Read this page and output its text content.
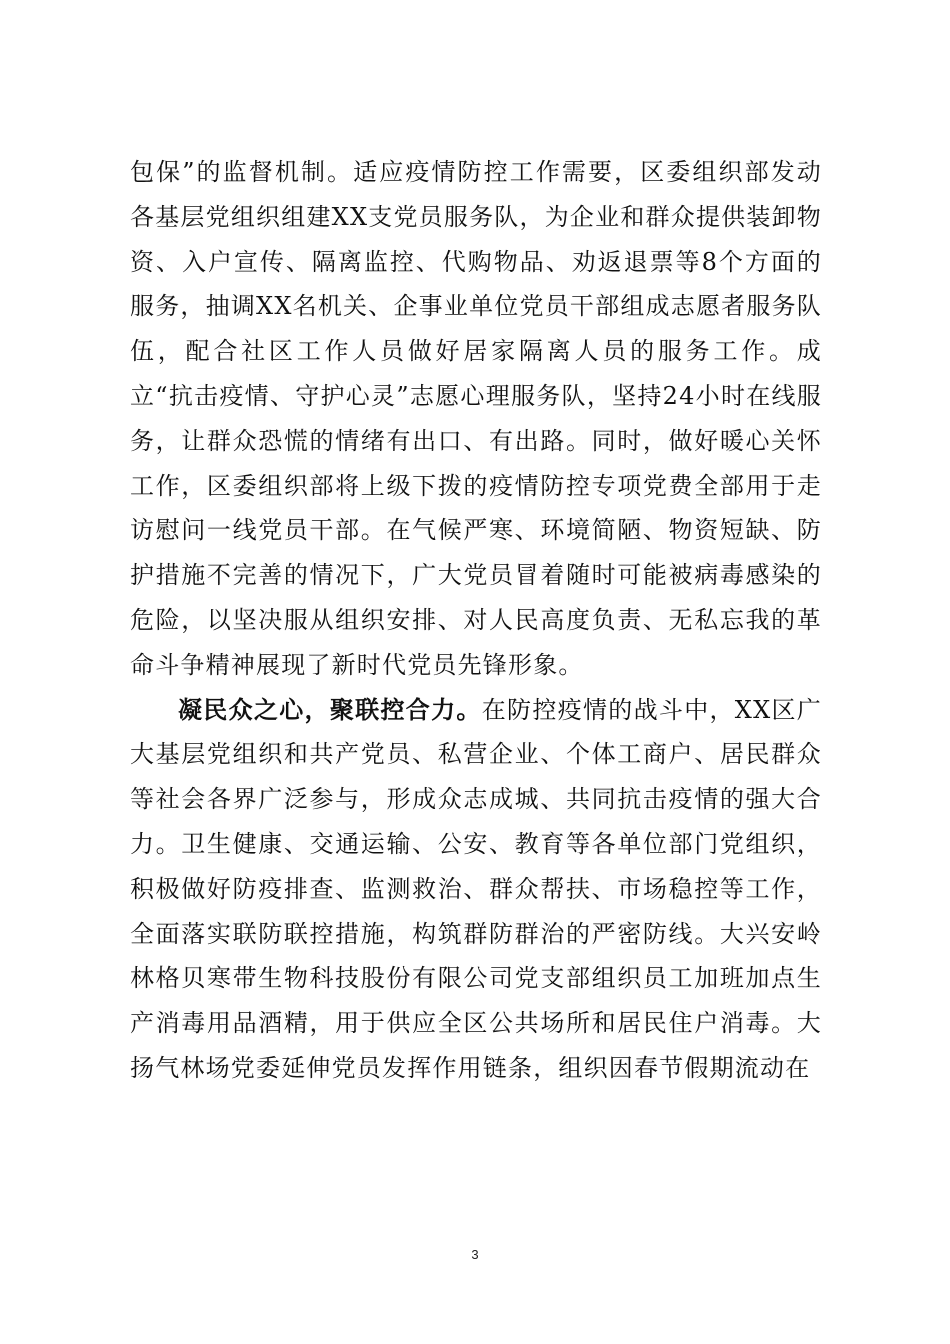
包保”的监督机制。适应疫情防控工作需要，区委组织部发动各基层党组织组建XX支党员服务队，为企业和群众提供装卸物资、入户宣传、隔离监控、代购物品、劝返退票等8个方面的服务，抽调XX名机关、企事业单位党员干部组成志愿者服务队伍，配合社区工作人员做好居家隔离人员的服务工作。成立“抗击疫情、守护心灵”志愿心理服务队，坚持24小时在线服务，让群众恐慌的情绪有出口、有出路。同时，做好暖心关怀工作，区委组织部将上级下拨的疫情防控专项党费全部用于走访慰问一线党员干部。在气候严寒、环境简陋、物资短缺、防护措施不完善的情况下，广大党员冒着随时可能被病毒感染的危险，以坚决服从组织安排、对人民高度负责、无私忘我的革命斗争精神展现了新时代党员先锋形象。

凝民众之心，聚联控合力。在防控疫情的战斗中，XX区广大基层党组织和共产党员、私营企业、个体工商户、居民群众等社会各界广泛参与，形成众志成城、共同抗击疫情的强大合力。卫生健康、交通运输、公安、教育等各单位部门党组织，积极做好防疫排查、监测救治、群众帮扶、市场稳控等工作，全面落实联防联控措施，构筑群防群治的严密防线。大兴安岭林格贝寒带生物科技股份有限公司党支部组织员工加班加点生产消毒用品酒精，用于供应全区公共场所和居民住户消毒。大扬气林场党委延伸党员发挥作用链条，组织因春节假期流动在

3
